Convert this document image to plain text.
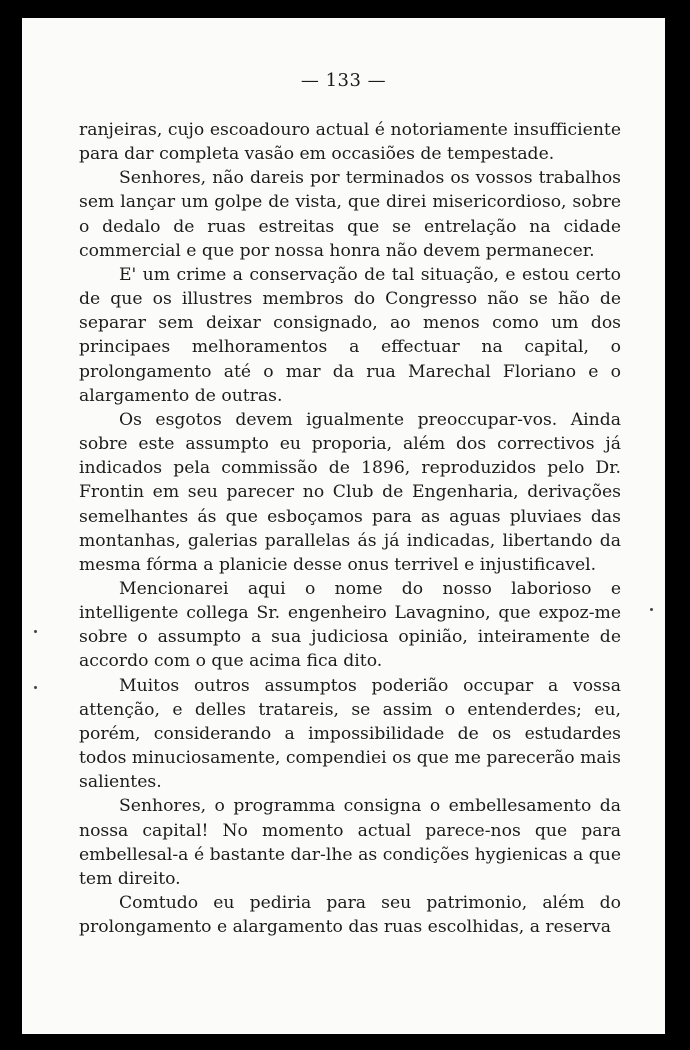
— 133 —

ranjeiras, cujo escoadouro actual é notoriamente insufficiente para dar completa vasão em occasiões de tempestade.

Senhores, não dareis por terminados os vossos trabalhos sem lançar um golpe de vista, que direi misericordioso, sobre o dedalo de ruas estreitas que se entrelação na cidade commercial e que por nossa honra não devem permanecer.

E' um crime a conservação de tal situação, e estou certo de que os illustres membros do Congresso não se hão de separar sem deixar consignado, ao menos como um dos principaes melhoramentos a effectuar na capital, o prolongamento até o mar da rua Marechal Floriano e o alargamento de outras.

Os esgotos devem igualmente preoccupar-vos. Ainda sobre este assumpto eu proporia, além dos correctivos já indicados pela commissão de 1896, reproduzidos pelo Dr. Frontin em seu parecer no Club de Engenharia, derivações semelhantes ás que esboçamos para as aguas pluviaes das montanhas, galerias parallelas ás já indicadas, libertando da mesma fórma a planicie desse onus terrivel e injustificavel.

Mencionarei aqui o nome do nosso laborioso e intelligente collega Sr. engenheiro Lavagnino, que expoz-me sobre o assumpto a sua judiciosa opinião, inteiramente de accordo com o que acima fica dito.

Muitos outros assumptos poderião occupar a vossa attenção, e delles tratareis, se assim o entenderdes; eu, porém, considerando a impossibilidade de os estudardes todos minuciosamente, compendiei os que me parecerão mais salientes.

Senhores, o programma consigna o embellesamento da nossa capital! No momento actual parece-nos que para embellesal-a é bastante dar-lhe as condições hygienicas a que tem direito.

Comtudo eu pediria para seu patrimonio, além do prolongamento e alargamento das ruas escolhidas, a reserva
